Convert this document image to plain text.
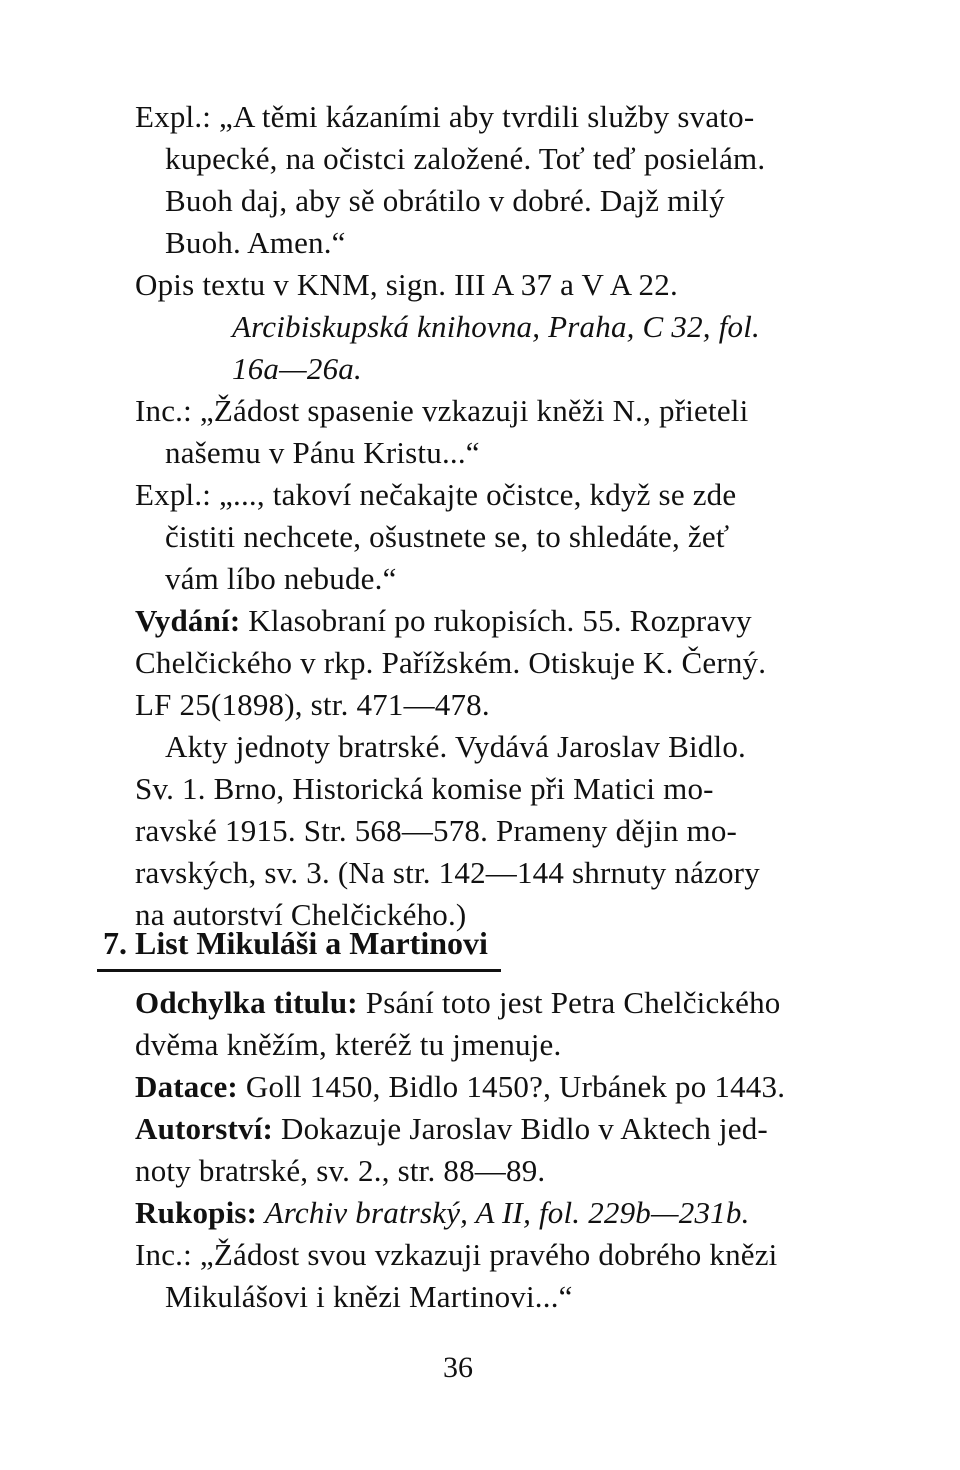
Expl.: „A těmi kázaními aby tvrdili služby svato-
kupecké, na očistci založené. Toť teď posielám.
Buoh daj, aby sě obrátilo v dobré. Dajž milý
Buoh. Amen.“
Opis textu v KNM, sign. III A 37 a V A 22.
Arcibiskupská knihovna, Praha, C 32, fol.
16a—26a.
Inc.: „Žádost spasenie vzkazuji kněži N., přieteli
našemu v Pánu Kristu...“
Expl.: „..., takoví nečakajte očistce, když se zde
čistiti nechcete, ošustnete se, to shledáte, žeť
vám líbo nebude.“
Vydání: Klasobraní po rukopisích. 55. Rozpravy
Chelčického v rkp. Pařížském. Otiskuje K. Černý.
LF 25(1898), str. 471—478.
Akty jednoty bratrské. Vydává Jaroslav Bidlo.
Sv. 1. Brno, Historická komise při Matici mo-
ravské 1915. Str. 568—578. Prameny dějin mo-
ravských, sv. 3. (Na str. 142—144 shrnuty názory
na autorství Chelčického.)
7. List Mikuláši a Martinovi
Odchylka titulu: Psání toto jest Petra Chelčického
dvěma kněžím, kteréž tu jmenuje.
Datace: Goll 1450, Bidlo 1450?, Urbánek po 1443.
Autorství: Dokazuje Jaroslav Bidlo v Aktech jed-
noty bratrské, sv. 2., str. 88—89.
Rukopis: Archiv bratrský, A II, fol. 229b—231b.
Inc.: „Žádost svou vzkazuji pravého dobrého knězi
Mikulášovi i knězi Martinovi...“
36
